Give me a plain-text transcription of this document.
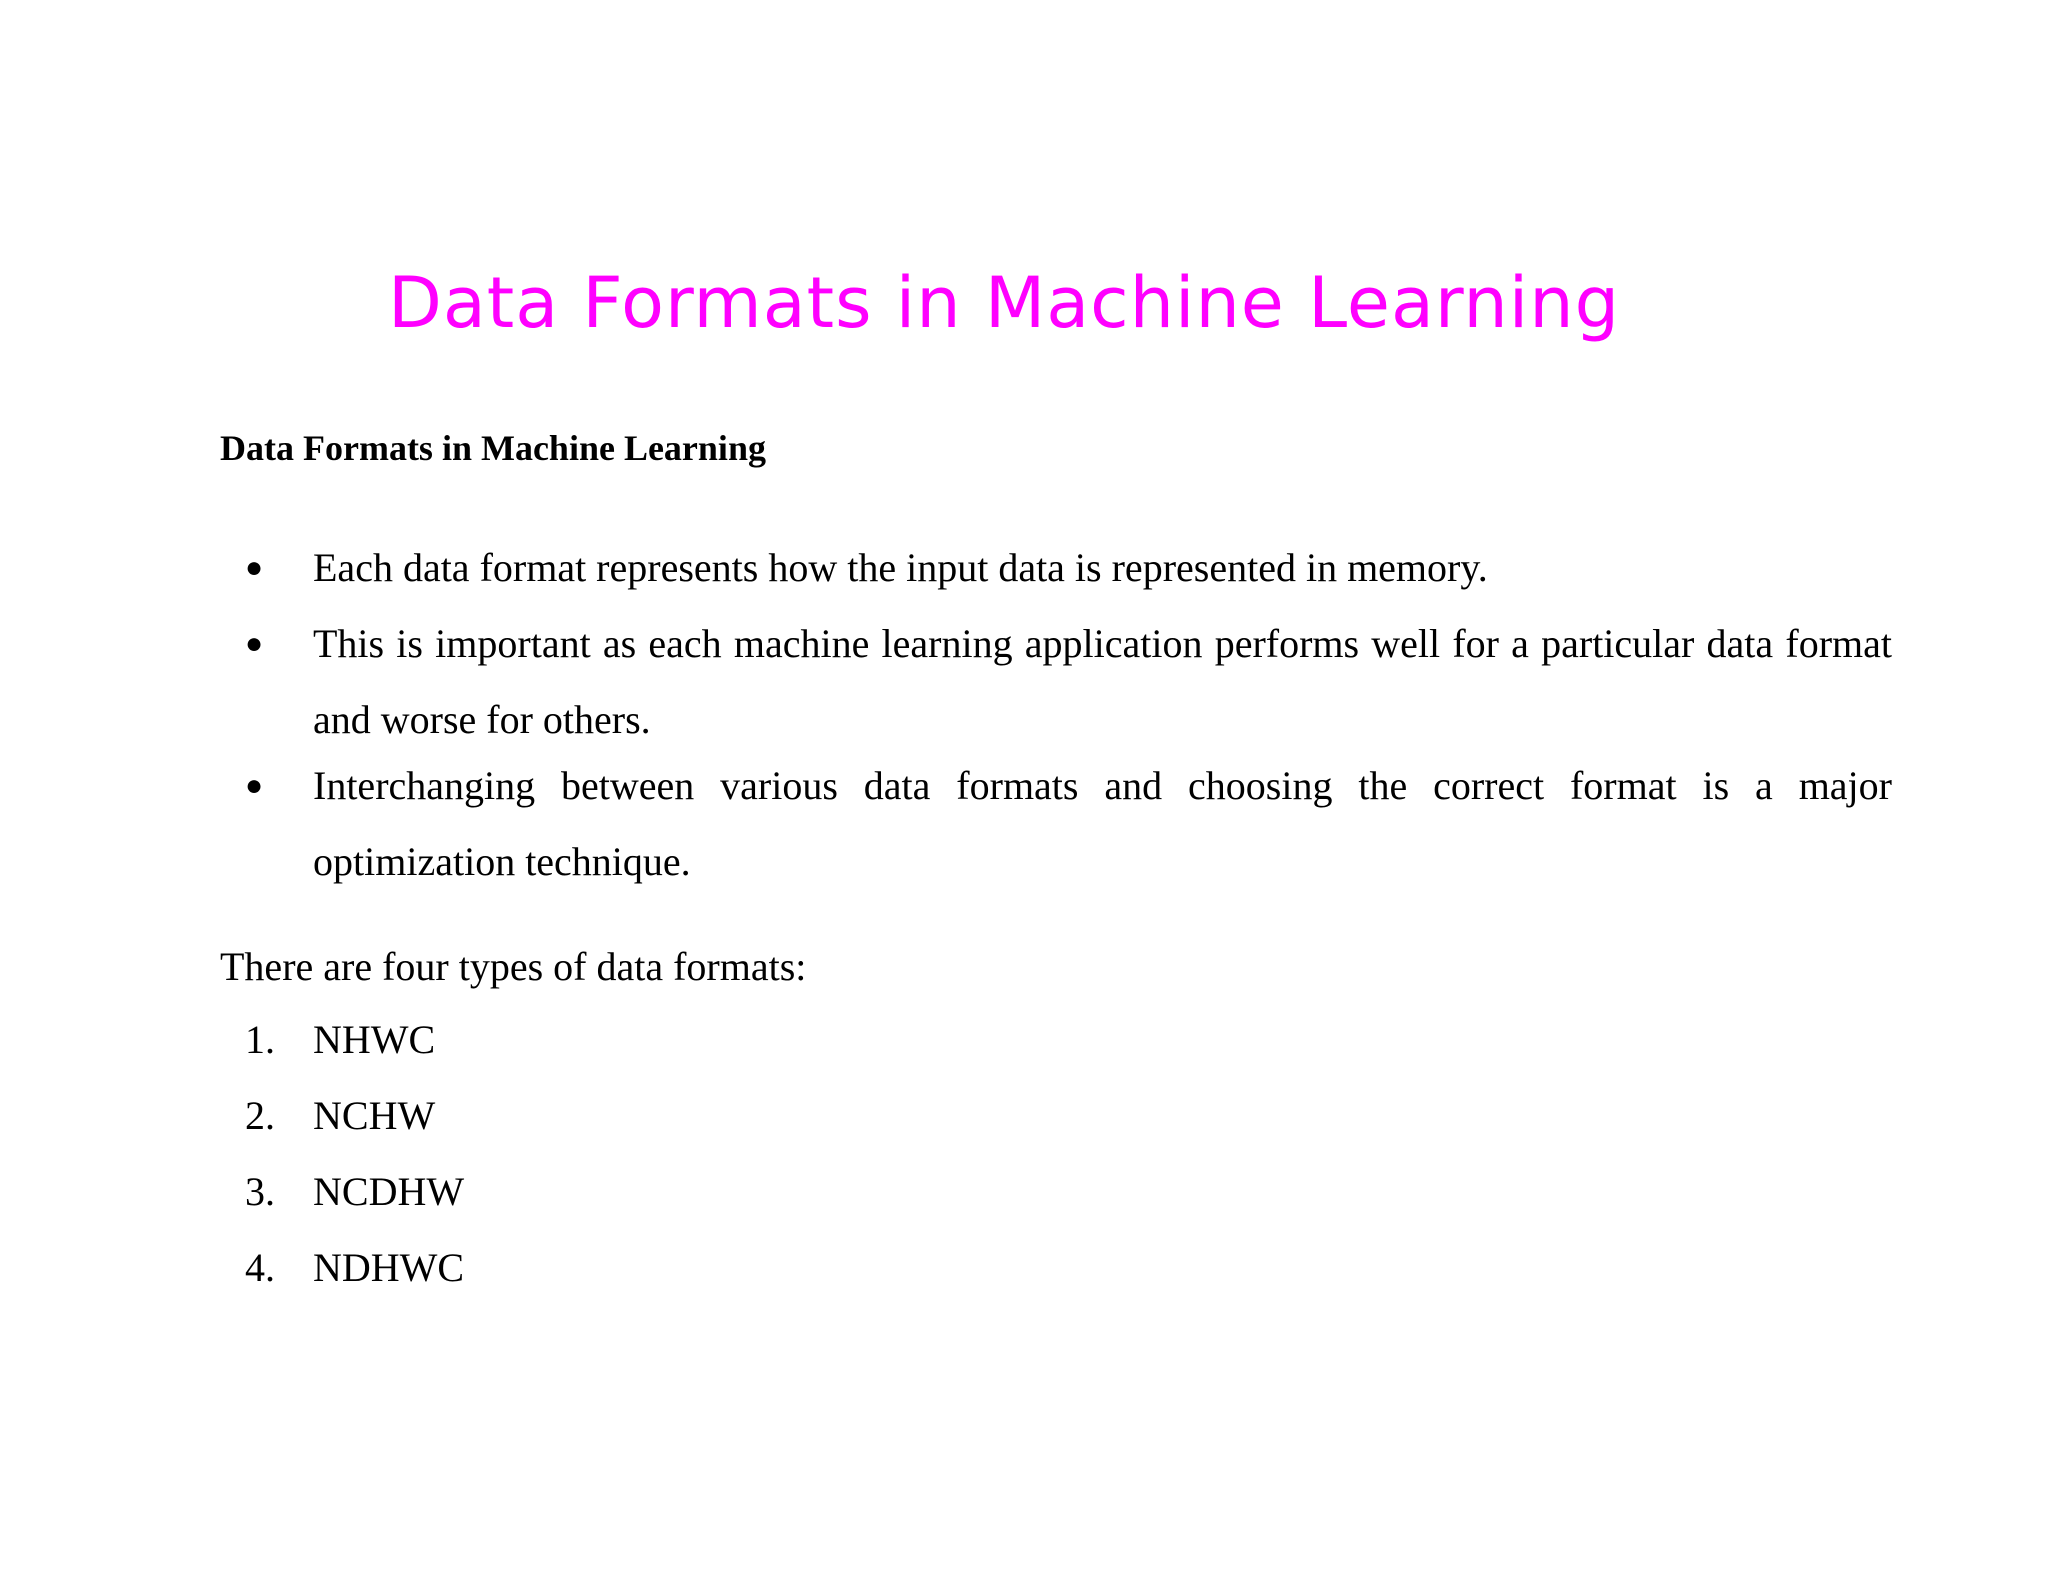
Data Formats in Machine Learning
Data Formats in Machine Learning
● Each data format represents how the input data is represented in memory.
● This is important as each machine learning application performs well for a particular data format and worse for others.
● Interchanging between various data formats and choosing the correct format is a major optimization technique.
There are four types of data formats:
1. NHWC
2. NCHW
3. NCDHW
4. NDHWC
